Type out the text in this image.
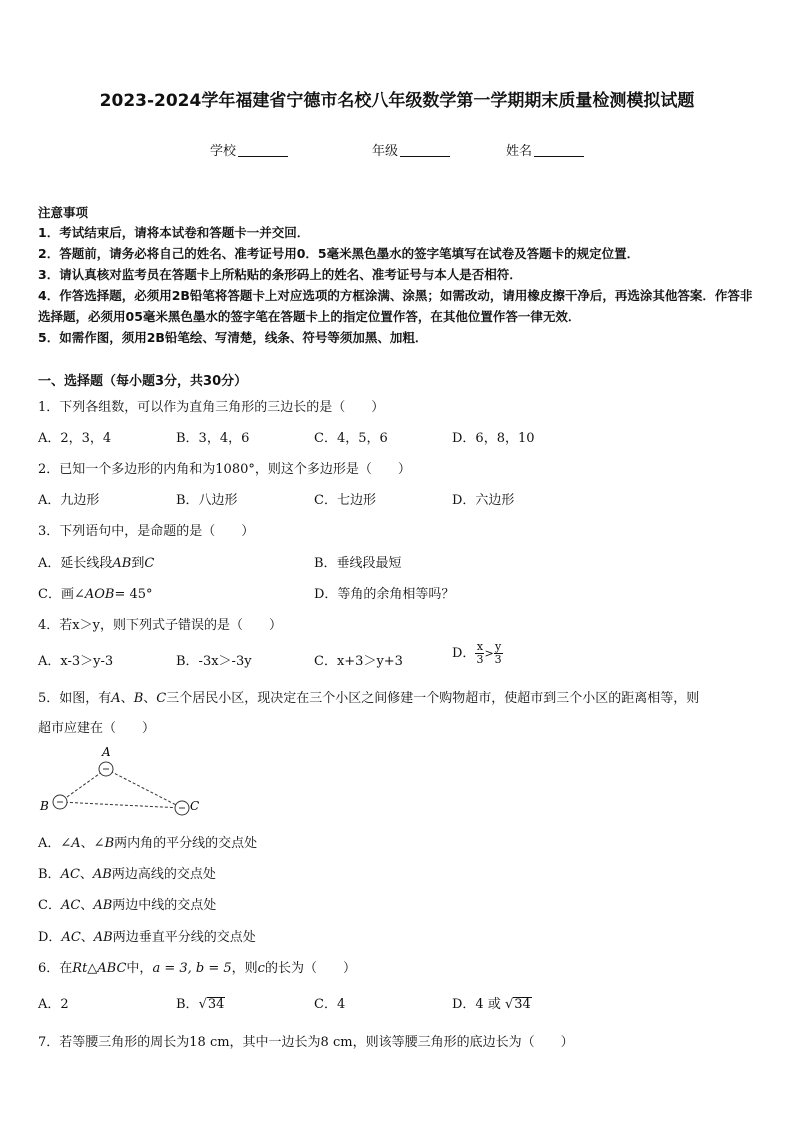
2023-2024学年福建省宁德市名校八年级数学第一学期期末质量检测模拟试题
学校	年级	姓名
注意事项
1．考试结束后，请将本试卷和答题卡一并交回．
2．答题前，请务必将自己的姓名、准考证号用0．5毫米黑色墨水的签字笔填写在试卷及答题卡的规定位置．
3．请认真核对监考员在答题卡上所粘贴的条形码上的姓名、准考证号与本人是否相符．
4．作答选择题，必须用2B铅笔将答题卡上对应选项的方框涂满、涂黑；如需改动，请用橡皮擦干净后，再选涂其他答案．作答非选择题，必须用05毫米黑色墨水的签字笔在答题卡上的指定位置作答，在其他位置作答一律无效．
5．如需作图，须用2B铅笔绘、写清楚，线条、符号等须加黑、加粗．
一、选择题（每小题3分，共30分）
1．下列各组数，可以作为直角三角形的三边长的是（　　）
A．2，3，4	B．3，4，6	C．4，5，6	D．6，8，10
2．已知一个多边形的内角和为1080°，则这个多边形是（　　）
A．九边形	B．八边形	C．七边形	D．六边形
3．下列语句中，是命题的是（　　）
A．延长线段AB到C	B．垂线段最短
C．画∠AOB= 45°	D．等角的余角相等吗？
4．若x＞y，则下列式子错误的是（　　）
A．x-3＞y-3	B．-3x＞-3y	C．x+3＞y+3
D． $\frac{x}{3} > \frac{y}{3}$
5．如图，有A、B、C三个居民小区，现决定在三个小区之间修建一个购物超市，使超市到三个小区的距离相等，则
超市应建在（　　）
A
B	C
A．∠A、∠B两内角的平分线的交点处
B．AC、AB两边高线的交点处
C．AC、AB两边中线的交点处
D．AC、AB两边垂直平分线的交点处
6．在Rt△ABC中，a = 3, b = 5，则c的长为（　　）
A．2	B．√34	C．4	D．4 或 √34
7．若等腰三角形的周长为18 cm，其中一边长为8 cm，则该等腰三角形的底边长为（　　）
